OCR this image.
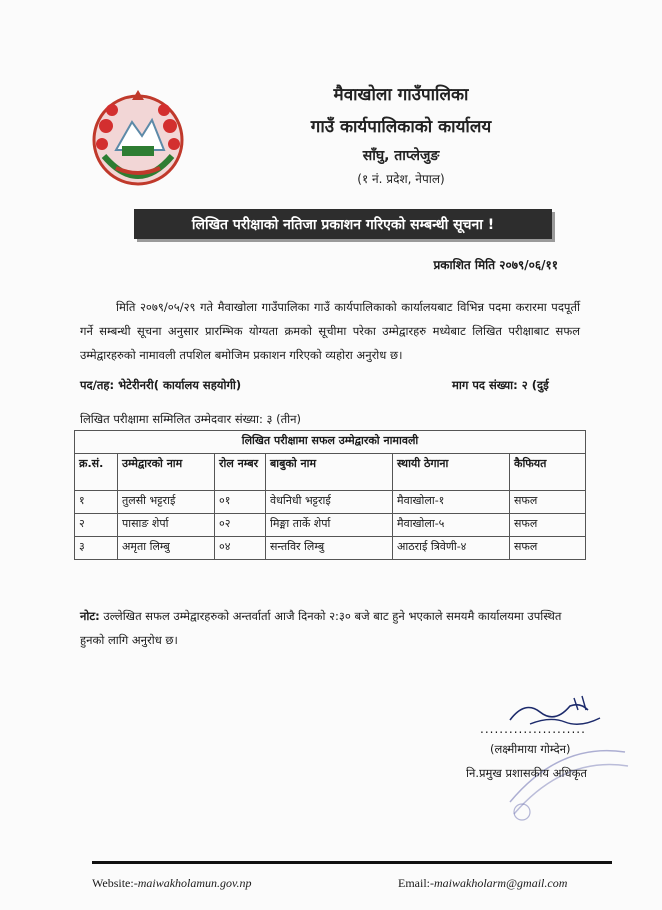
मैवाखोला गाउँपालिका
गाउँ कार्यपालिकाको कार्यालय
साँघु, ताप्लेजुङ
(१ नं. प्रदेश, नेपाल)
लिखित परीक्षाको नतिजा प्रकाशन गरिएको सम्बन्धी सूचना !
प्रकाशित मिति २०७९/०६/११
मिति २०७९/०५/२९ गते मैवाखोला गाउँपालिका गाउँ कार्यपालिकाको कार्यालयबाट विभिन्न पदमा करारमा पदपूर्ती गर्ने सम्बन्धी सूचना अनुसार प्रारम्भिक योग्यता क्रमको सूचीमा परेका उम्मेद्वारहरु मध्येबाट लिखित परीक्षाबाट सफल उम्मेद्वारहरुको नामावली तपशिल बमोजिम प्रकाशन गरिएको व्यहोरा अनुरोध छ।
पद/तह: भेटेरीनरी( कार्यालय सहयोगी)	माग पद संख्या: २ (दुई
लिखित परीक्षामा सम्मिलित उम्मेदवार संख्या: ३ (तीन)
लिखित परीक्षामा सफल उम्मेद्वारको नामावली					
क्र.सं.	उम्मेद्वारको नाम	रोल नम्बर	बाबुको नाम	स्थायी ठेगाना	कैफियत
१	तुलसी भट्टराई	०१	वेधनिधी भट्टराई	मैवाखोला-१	सफल
२	पासाङ शेर्पा	०२	मिङ्मा तार्के शेर्पा	मैवाखोला-५	सफल
३	अमृता लिम्बु	०४	सन्तविर लिम्बु	आठराई त्रिवेणी-४	सफल
नोट: उल्लेखित सफल उम्मेद्वारहरुको अन्तर्वार्ता आजै दिनको २:३० बजे बाट हुने भएकाले समयमै कार्यालयमा उपस्थित हुनको लागि अनुरोध छ।
......................
(लक्ष्मीमाया गोम्देन)
नि.प्रमुख प्रशासकीय अधिकृत
Website:-maiwakholamun.gov.np	Email:-maiwakholarm@gmail.com
